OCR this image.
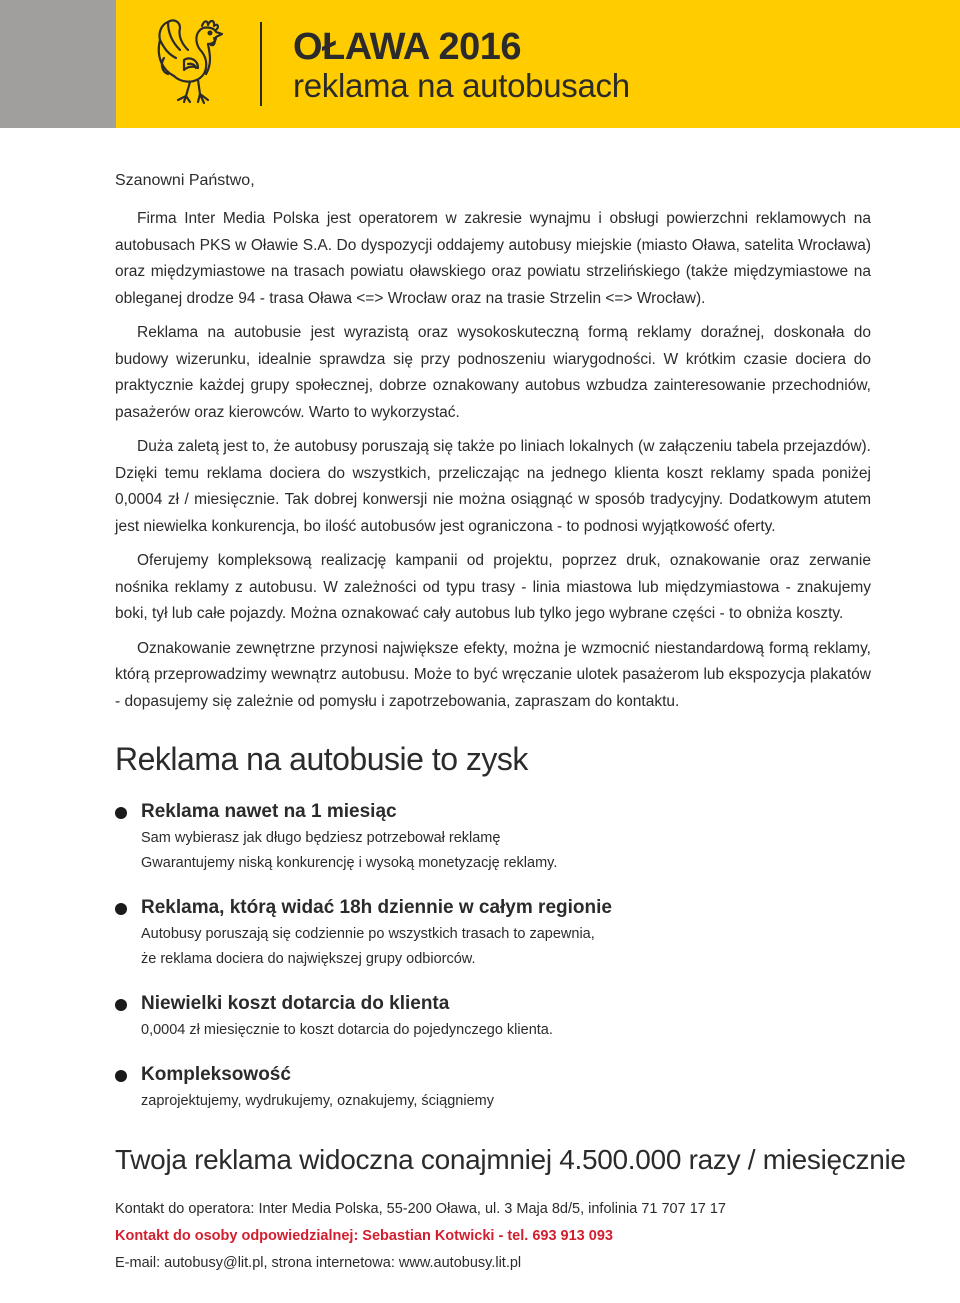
OŁAWA 2016
reklama na autobusach
Szanowni Państwo,

Firma Inter Media Polska jest operatorem w zakresie wynajmu i obsługi powierzchni reklamowych na autobusach PKS w Oławie S.A. Do dyspozycji oddajemy autobusy miejskie (miasto Oława, satelita Wrocława) oraz międzymiastowe na trasach powiatu oławskiego oraz powiatu strzelińskiego (także międzymiastowe na obleganej drodze 94 - trasa Oława <=> Wrocław oraz na trasie Strzelin <=> Wrocław).

Reklama na autobusie jest wyrazistą oraz wysokoskuteczną formą reklamy doraźnej, doskonała do budowy wizerunku, idealnie sprawdza się przy podnoszeniu wiarygodności. W krótkim czasie dociera do praktycznie każdej grupy społecznej, dobrze oznakowany autobus wzbudza zainteresowanie przechodniów, pasażerów oraz kierowców. Warto to wykorzystać.

Duża zaletą jest to, że autobusy poruszają się także po liniach lokalnych (w załączeniu tabela przejazdów). Dzięki temu reklama dociera do wszystkich, przeliczając na jednego klienta koszt reklamy spada poniżej 0,0004 zł / miesięcznie. Tak dobrej konwersji nie można osiągnąć w sposób tradycyjny. Dodatkowym atutem jest niewielka konkurencja, bo ilość autobusów jest ograniczona - to podnosi wyjątkowość oferty.

Oferujemy kompleksową realizację kampanii od projektu, poprzez druk, oznakowanie oraz zerwanie nośnika reklamy z autobusu. W zależności od typu trasy - linia miastowa lub międzymiastowa - znakujemy boki, tył lub całe pojazdy. Można oznakować cały autobus lub tylko jego wybrane części - to obniża koszty.

Oznakowanie zewnętrzne przynosi największe efekty, można je wzmocnić niestandardową formą reklamy, którą przeprowadzimy wewnątrz autobusu. Może to być wręczanie ulotek pasażerom lub ekspozycja plakatów - dopasujemy się zależnie od pomysłu i zapotrzebowania, zapraszam do kontaktu.

Reklama na autobusie to zysk
Reklama nawet na 1 miesiąc
Sam wybierasz jak długo będziesz potrzebował reklamę
Gwarantujemy niską konkurencję i wysoką monetyzację reklamy.
Reklama, którą widać 18h dziennie w całym regionie
Autobusy poruszają się codziennie po wszystkich trasach to zapewnia,
że reklama dociera do największej grupy odbiorców.
Niewielki koszt dotarcia do klienta
0,0004 zł miesięcznie to koszt dotarcia do pojedynczego klienta.
Kompleksowość
zaprojektujemy, wydrukujemy, oznakujemy, ściągniemy
Twoja reklama widoczna conajmniej 4.500.000 razy / miesięcznie
Kontakt do operatora: Inter Media Polska, 55-200 Oława, ul. 3 Maja 8d/5, infolinia 71 707 17 17
Kontakt do osoby odpowiedzialnej: Sebastian Kotwicki - tel. 693 913 093
E-mail: autobusy@lit.pl, strona internetowa: www.autobusy.lit.pl
